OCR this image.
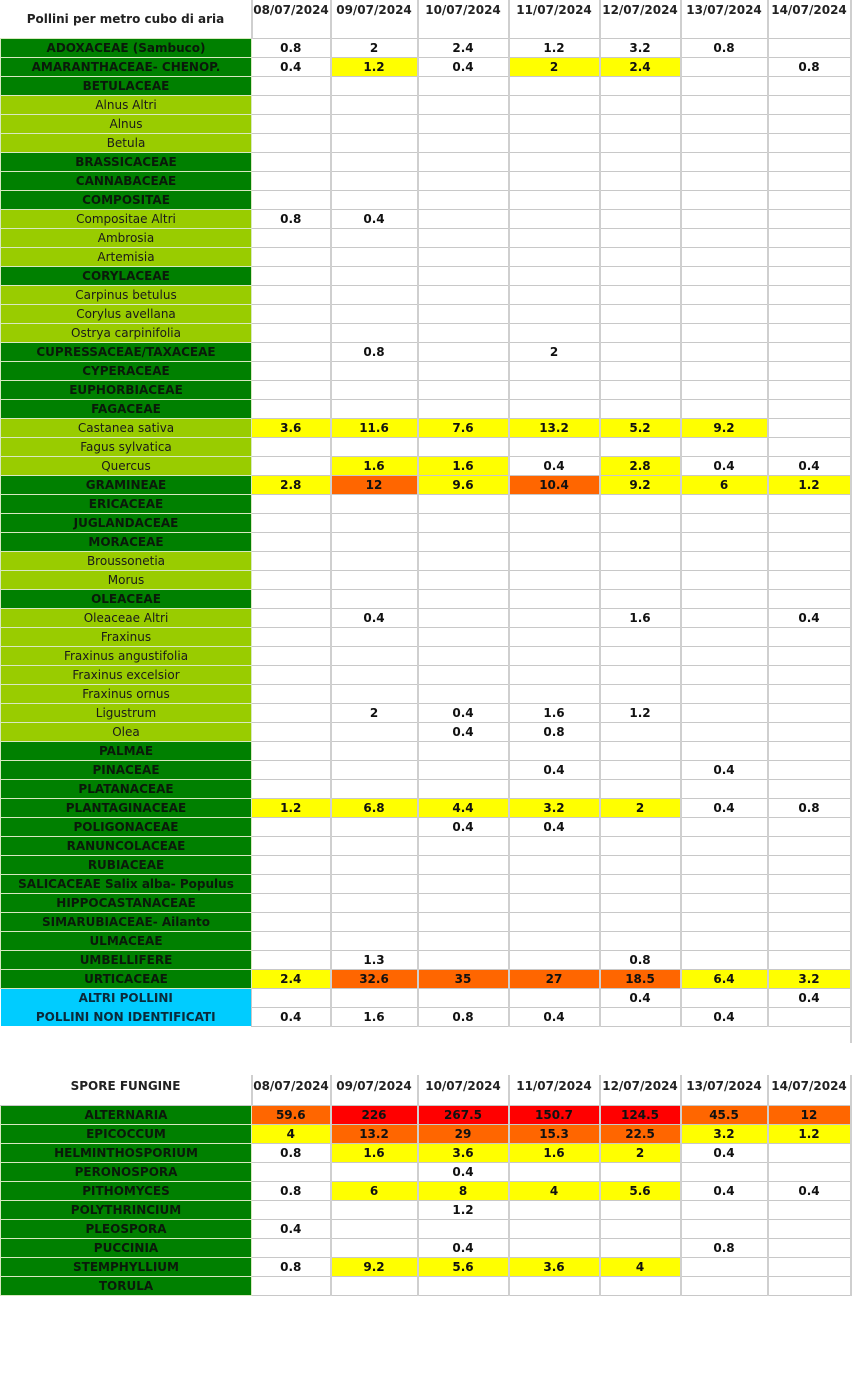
Pollini per metro cubo di aria	08/07/2024	09/07/2024	10/07/2024	11/07/2024	12/07/2024	13/07/2024	14/07/2024
ADOXACEAE (Sambuco)	0.8	2	2.4	1.2	3.2	0.8	
AMARANTHACEAE- CHENOP.	0.4	1.2	0.4	2	2.4		0.8
BETULACEAE							
Alnus Altri							
Alnus							
Betula							
BRASSICACEAE							
CANNABACEAE							
COMPOSITAE							
Compositae Altri	0.8	0.4					
Ambrosia							
Artemisia							
CORYLACEAE							
Carpinus betulus							
Corylus avellana							
Ostrya carpinifolia							
CUPRESSACEAE/TAXACEAE		0.8		2			
CYPERACEAE							
EUPHORBIACEAE							
FAGACEAE							
Castanea sativa	3.6	11.6	7.6	13.2	5.2	9.2	
Fagus sylvatica							
Quercus		1.6	1.6	0.4	2.8	0.4	0.4
GRAMINEAE	2.8	12	9.6	10.4	9.2	6	1.2
ERICACEAE							
JUGLANDACEAE							
MORACEAE							
Broussonetia							
Morus							
OLEACEAE							
Oleaceae Altri		0.4			1.6		0.4
Fraxinus							
Fraxinus angustifolia							
Fraxinus excelsior							
Fraxinus ornus							
Ligustrum		2	0.4	1.6	1.2		
Olea			0.4	0.8			
PALMAE							
PINACEAE				0.4		0.4	
PLATANACEAE							
PLANTAGINACEAE	1.2	6.8	4.4	3.2	2	0.4	0.8
POLIGONACEAE			0.4	0.4			
RANUNCOLACEAE							
RUBIACEAE							
SALICACEAE Salix alba- Populus							
HIPPOCASTANACEAE							
SIMARUBIACEAE- Ailanto							
ULMACEAE							
UMBELLIFERE		1.3			0.8		
URTICACEAE	2.4	32.6	35	27	18.5	6.4	3.2
ALTRI POLLINI					0.4		0.4
POLLINI NON IDENTIFICATI	0.4	1.6	0.8	0.4		0.4	
SPORE FUNGINE	08/07/2024	09/07/2024	10/07/2024	11/07/2024	12/07/2024	13/07/2024	14/07/2024

ALTERNARIA	59.6	226	267.5	150.7	124.5	45.5	12
EPICOCCUM	4	13.2	29	15.3	22.5	3.2	1.2
HELMINTHOSPORIUM	0.8	1.6	3.6	1.6	2	0.4	
PERONOSPORA			0.4				
PITHOMYCES	0.8	6	8	4	5.6	0.4	0.4
POLYTHRINCIUM			1.2				
PLEOSPORA	0.4						
PUCCINIA			0.4			0.8	
STEMPHYLLIUM	0.8	9.2	5.6	3.6	4		
TORULA							
